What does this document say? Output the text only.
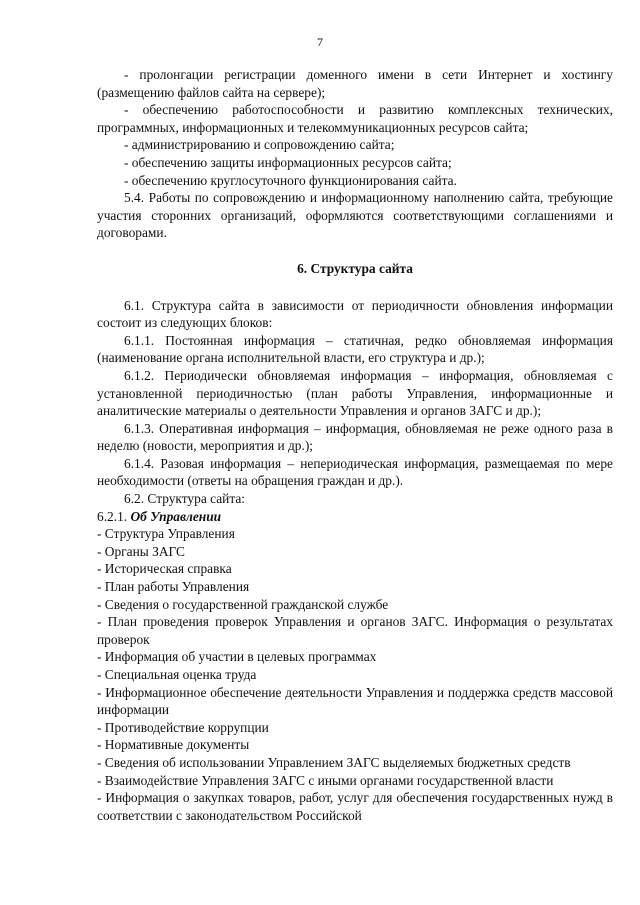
7

- пролонгации регистрации доменного имени в сети Интернет и хостингу (размещению файлов сайта на сервере);

- обеспечению работоспособности и развитию комплексных технических, программных, информационных и телекоммуникационных ресурсов сайта;

- администрированию и сопровождению сайта;

- обеспечению защиты информационных ресурсов сайта;

- обеспечению круглосуточного функционирования сайта.

5.4. Работы по сопровождению и информационному наполнению сайта, требующие участия сторонних организаций, оформляются соответствующими соглашениями и договорами.

6. Структура сайта

6.1. Структура сайта в зависимости от периодичности обновления информации состоит из следующих блоков:

6.1.1. Постоянная информация – статичная, редко обновляемая информация (наименование органа исполнительной власти, его структура и др.);

6.1.2. Периодически обновляемая информация – информация, обновляемая с установленной периодичностью (план работы Управления, информационные и аналитические материалы о деятельности Управления и органов ЗАГС и др.);

6.1.3. Оперативная информация – информация, обновляемая не реже одного раза в неделю (новости, мероприятия и др.);

6.1.4. Разовая информация – непериодическая информация, размещаемая по мере необходимости (ответы на обращения граждан и др.).

6.2. Структура сайта:

6.2.1. Об Управлении

- Структура Управления

- Органы ЗАГС

- Историческая справка

- План работы Управления

- Сведения о государственной гражданской службе

- План проведения проверок Управления и органов ЗАГС. Информация о результатах проверок

- Информация об участии в целевых программах

- Специальная оценка труда

- Информационное обеспечение деятельности Управления и поддержка средств массовой информации

- Противодействие коррупции

- Нормативные документы

- Сведения об использовании Управлением ЗАГС выделяемых бюджетных средств

- Взаимодействие Управления ЗАГС с иными органами государственной власти

- Информация о закупках товаров, работ, услуг для обеспечения государственных нужд в соответствии с законодательством Российской
